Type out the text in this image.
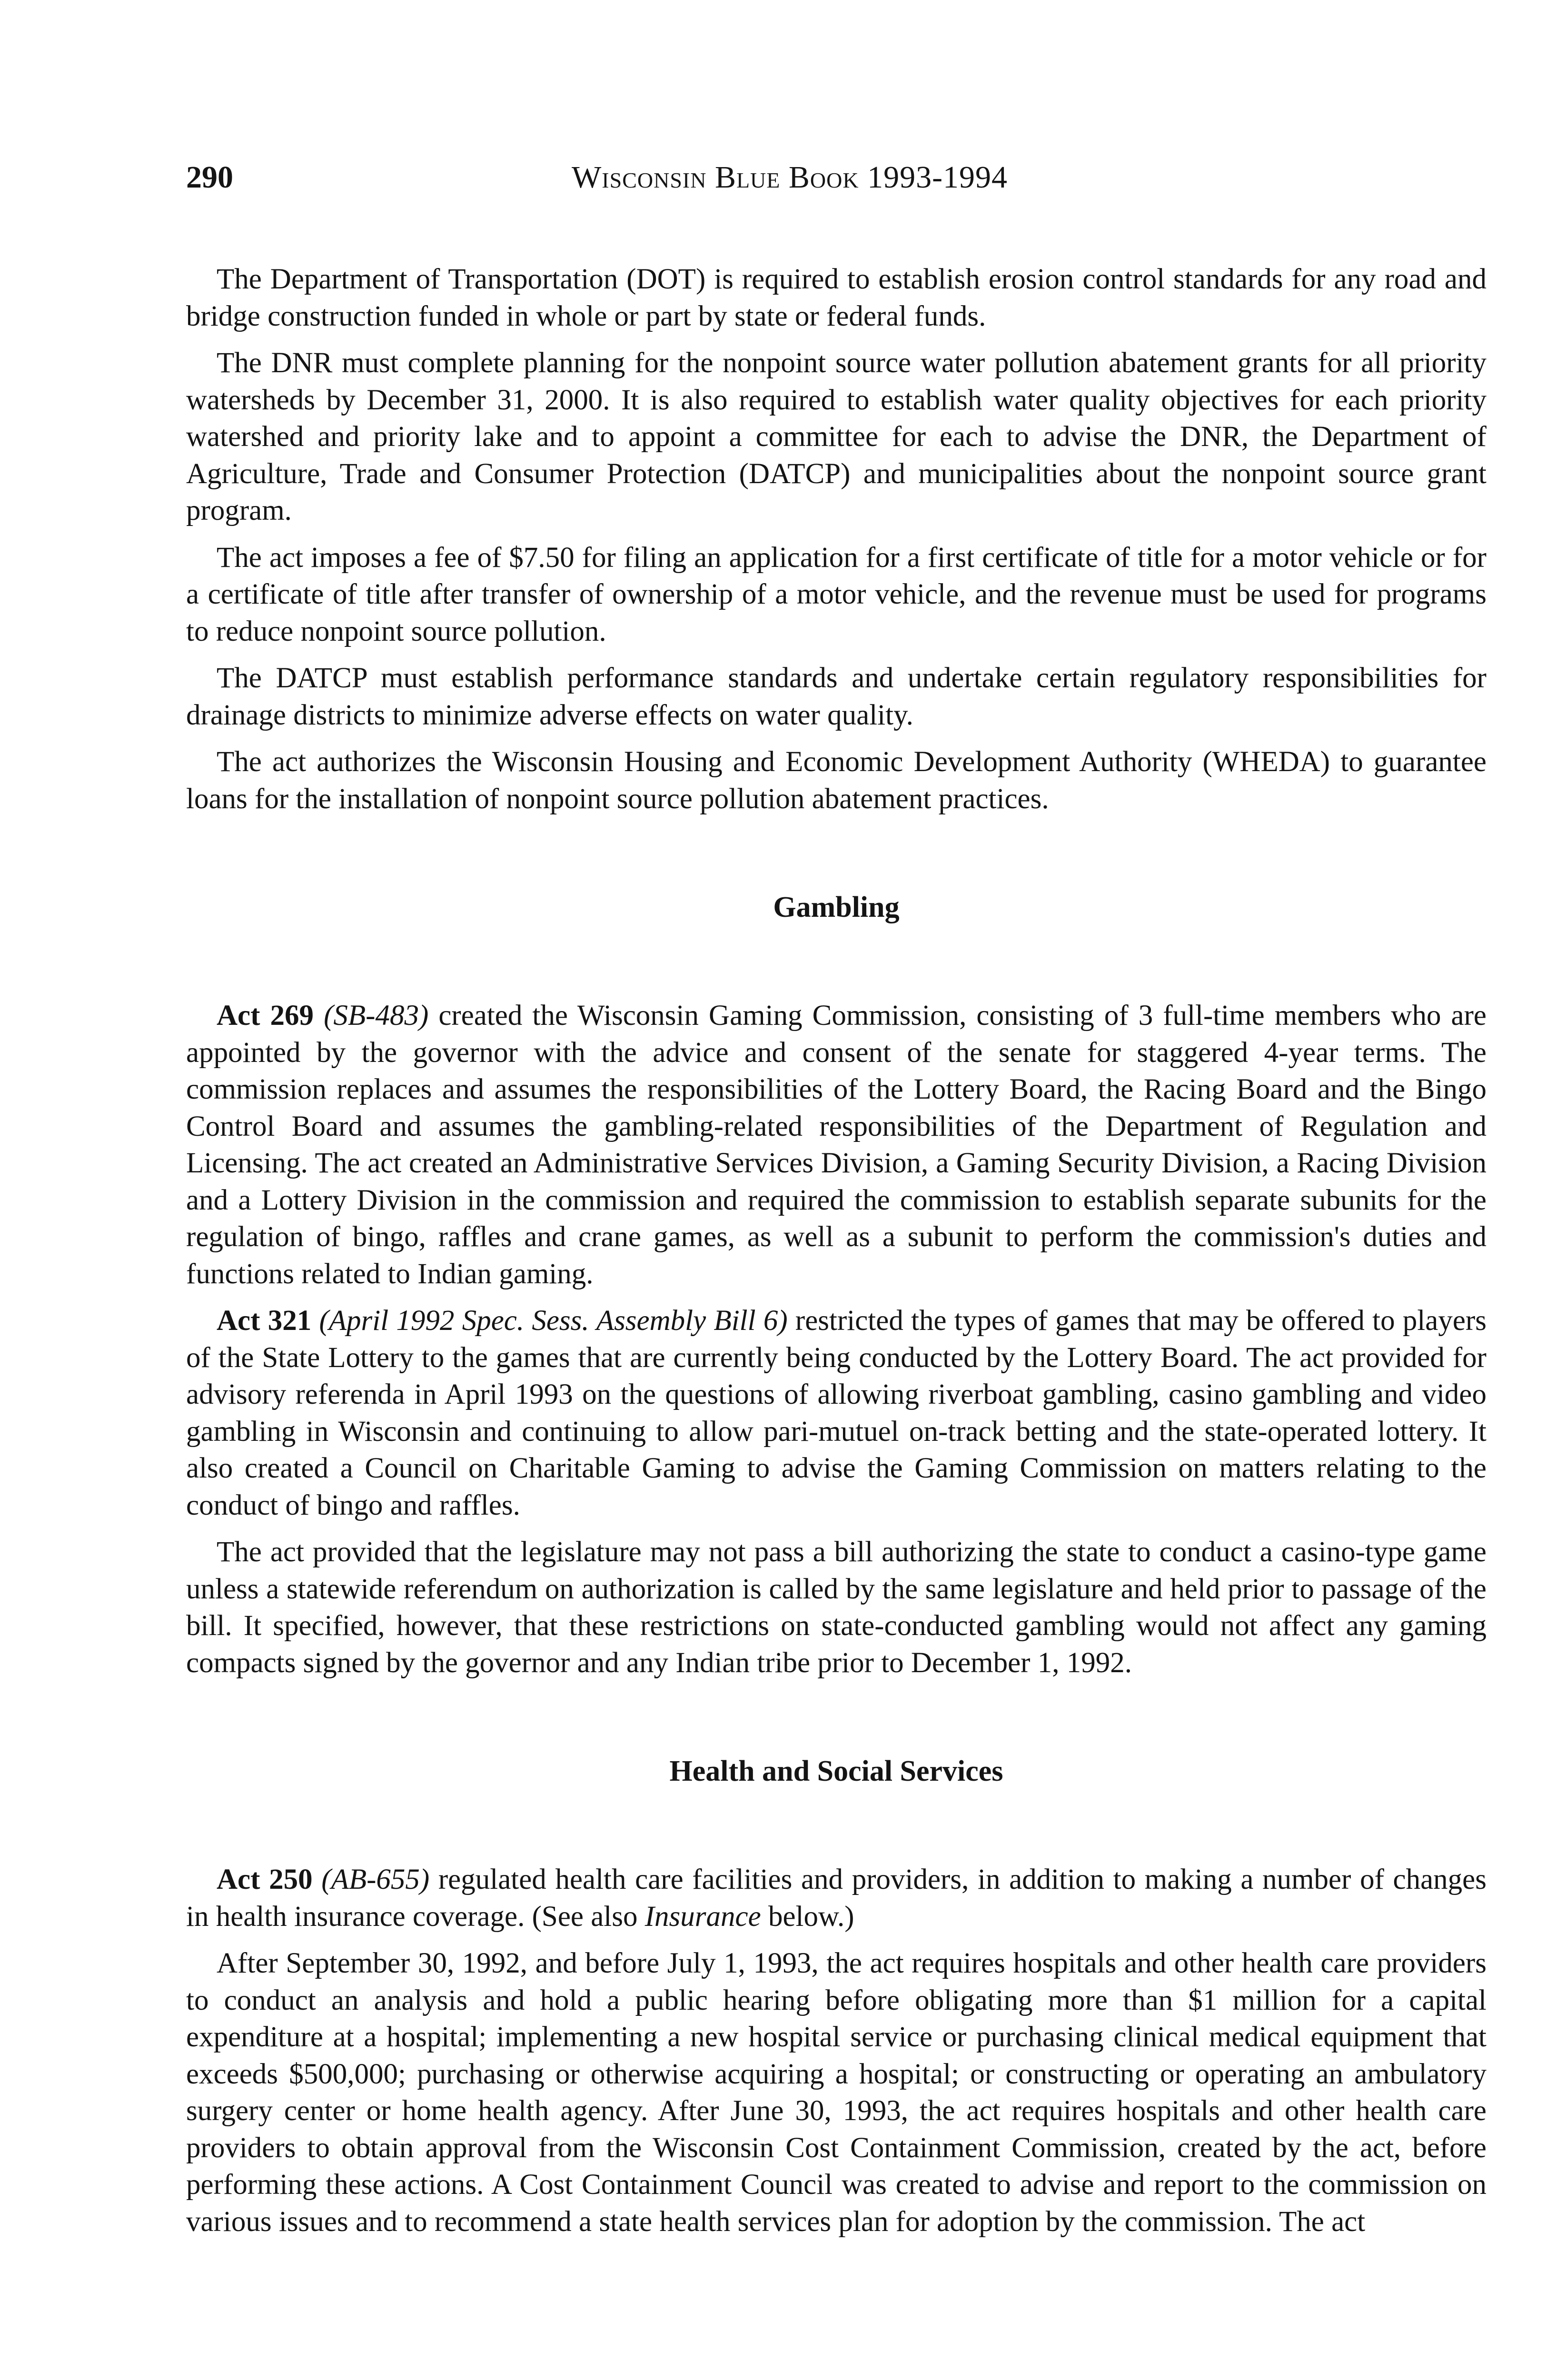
290	Wisconsin Blue Book 1993-1994

The Department of Transportation (DOT) is required to establish erosion control standards for any road and bridge construction funded in whole or part by state or federal funds.

The DNR must complete planning for the nonpoint source water pollution abatement grants for all priority watersheds by December 31, 2000. It is also required to establish water quality objectives for each priority watershed and priority lake and to appoint a committee for each to advise the DNR, the Department of Agriculture, Trade and Consumer Protection (DATCP) and municipalities about the nonpoint source grant program.

The act imposes a fee of $7.50 for filing an application for a first certificate of title for a motor vehicle or for a certificate of title after transfer of ownership of a motor vehicle, and the revenue must be used for programs to reduce nonpoint source pollution.

The DATCP must establish performance standards and undertake certain regulatory responsibilities for drainage districts to minimize adverse effects on water quality.

The act authorizes the Wisconsin Housing and Economic Development Authority (WHEDA) to guarantee loans for the installation of nonpoint source pollution abatement practices.

Gambling

Act 269 (SB-483) created the Wisconsin Gaming Commission, consisting of 3 full-time members who are appointed by the governor with the advice and consent of the senate for staggered 4-year terms. The commission replaces and assumes the responsibilities of the Lottery Board, the Racing Board and the Bingo Control Board and assumes the gambling-related responsibilities of the Department of Regulation and Licensing. The act created an Administrative Services Division, a Gaming Security Division, a Racing Division and a Lottery Division in the commission and required the commission to establish separate subunits for the regulation of bingo, raffles and crane games, as well as a subunit to perform the commission's duties and functions related to Indian gaming.

Act 321 (April 1992 Spec. Sess. Assembly Bill 6) restricted the types of games that may be offered to players of the State Lottery to the games that are currently being conducted by the Lottery Board. The act provided for advisory referenda in April 1993 on the questions of allowing riverboat gambling, casino gambling and video gambling in Wisconsin and continuing to allow pari-mutuel on-track betting and the state-operated lottery. It also created a Council on Charitable Gaming to advise the Gaming Commission on matters relating to the conduct of bingo and raffles.

The act provided that the legislature may not pass a bill authorizing the state to conduct a casino-type game unless a statewide referendum on authorization is called by the same legislature and held prior to passage of the bill. It specified, however, that these restrictions on state-conducted gambling would not affect any gaming compacts signed by the governor and any Indian tribe prior to December 1, 1992.

Health and Social Services

Act 250 (AB-655) regulated health care facilities and providers, in addition to making a number of changes in health insurance coverage. (See also Insurance below.)

After September 30, 1992, and before July 1, 1993, the act requires hospitals and other health care providers to conduct an analysis and hold a public hearing before obligating more than $1 million for a capital expenditure at a hospital; implementing a new hospital service or purchasing clinical medical equipment that exceeds $500,000; purchasing or otherwise acquiring a hospital; or constructing or operating an ambulatory surgery center or home health agency. After June 30, 1993, the act requires hospitals and other health care providers to obtain approval from the Wisconsin Cost Containment Commission, created by the act, before performing these actions. A Cost Containment Council was created to advise and report to the commission on various issues and to recommend a state health services plan for adoption by the commission. The act
